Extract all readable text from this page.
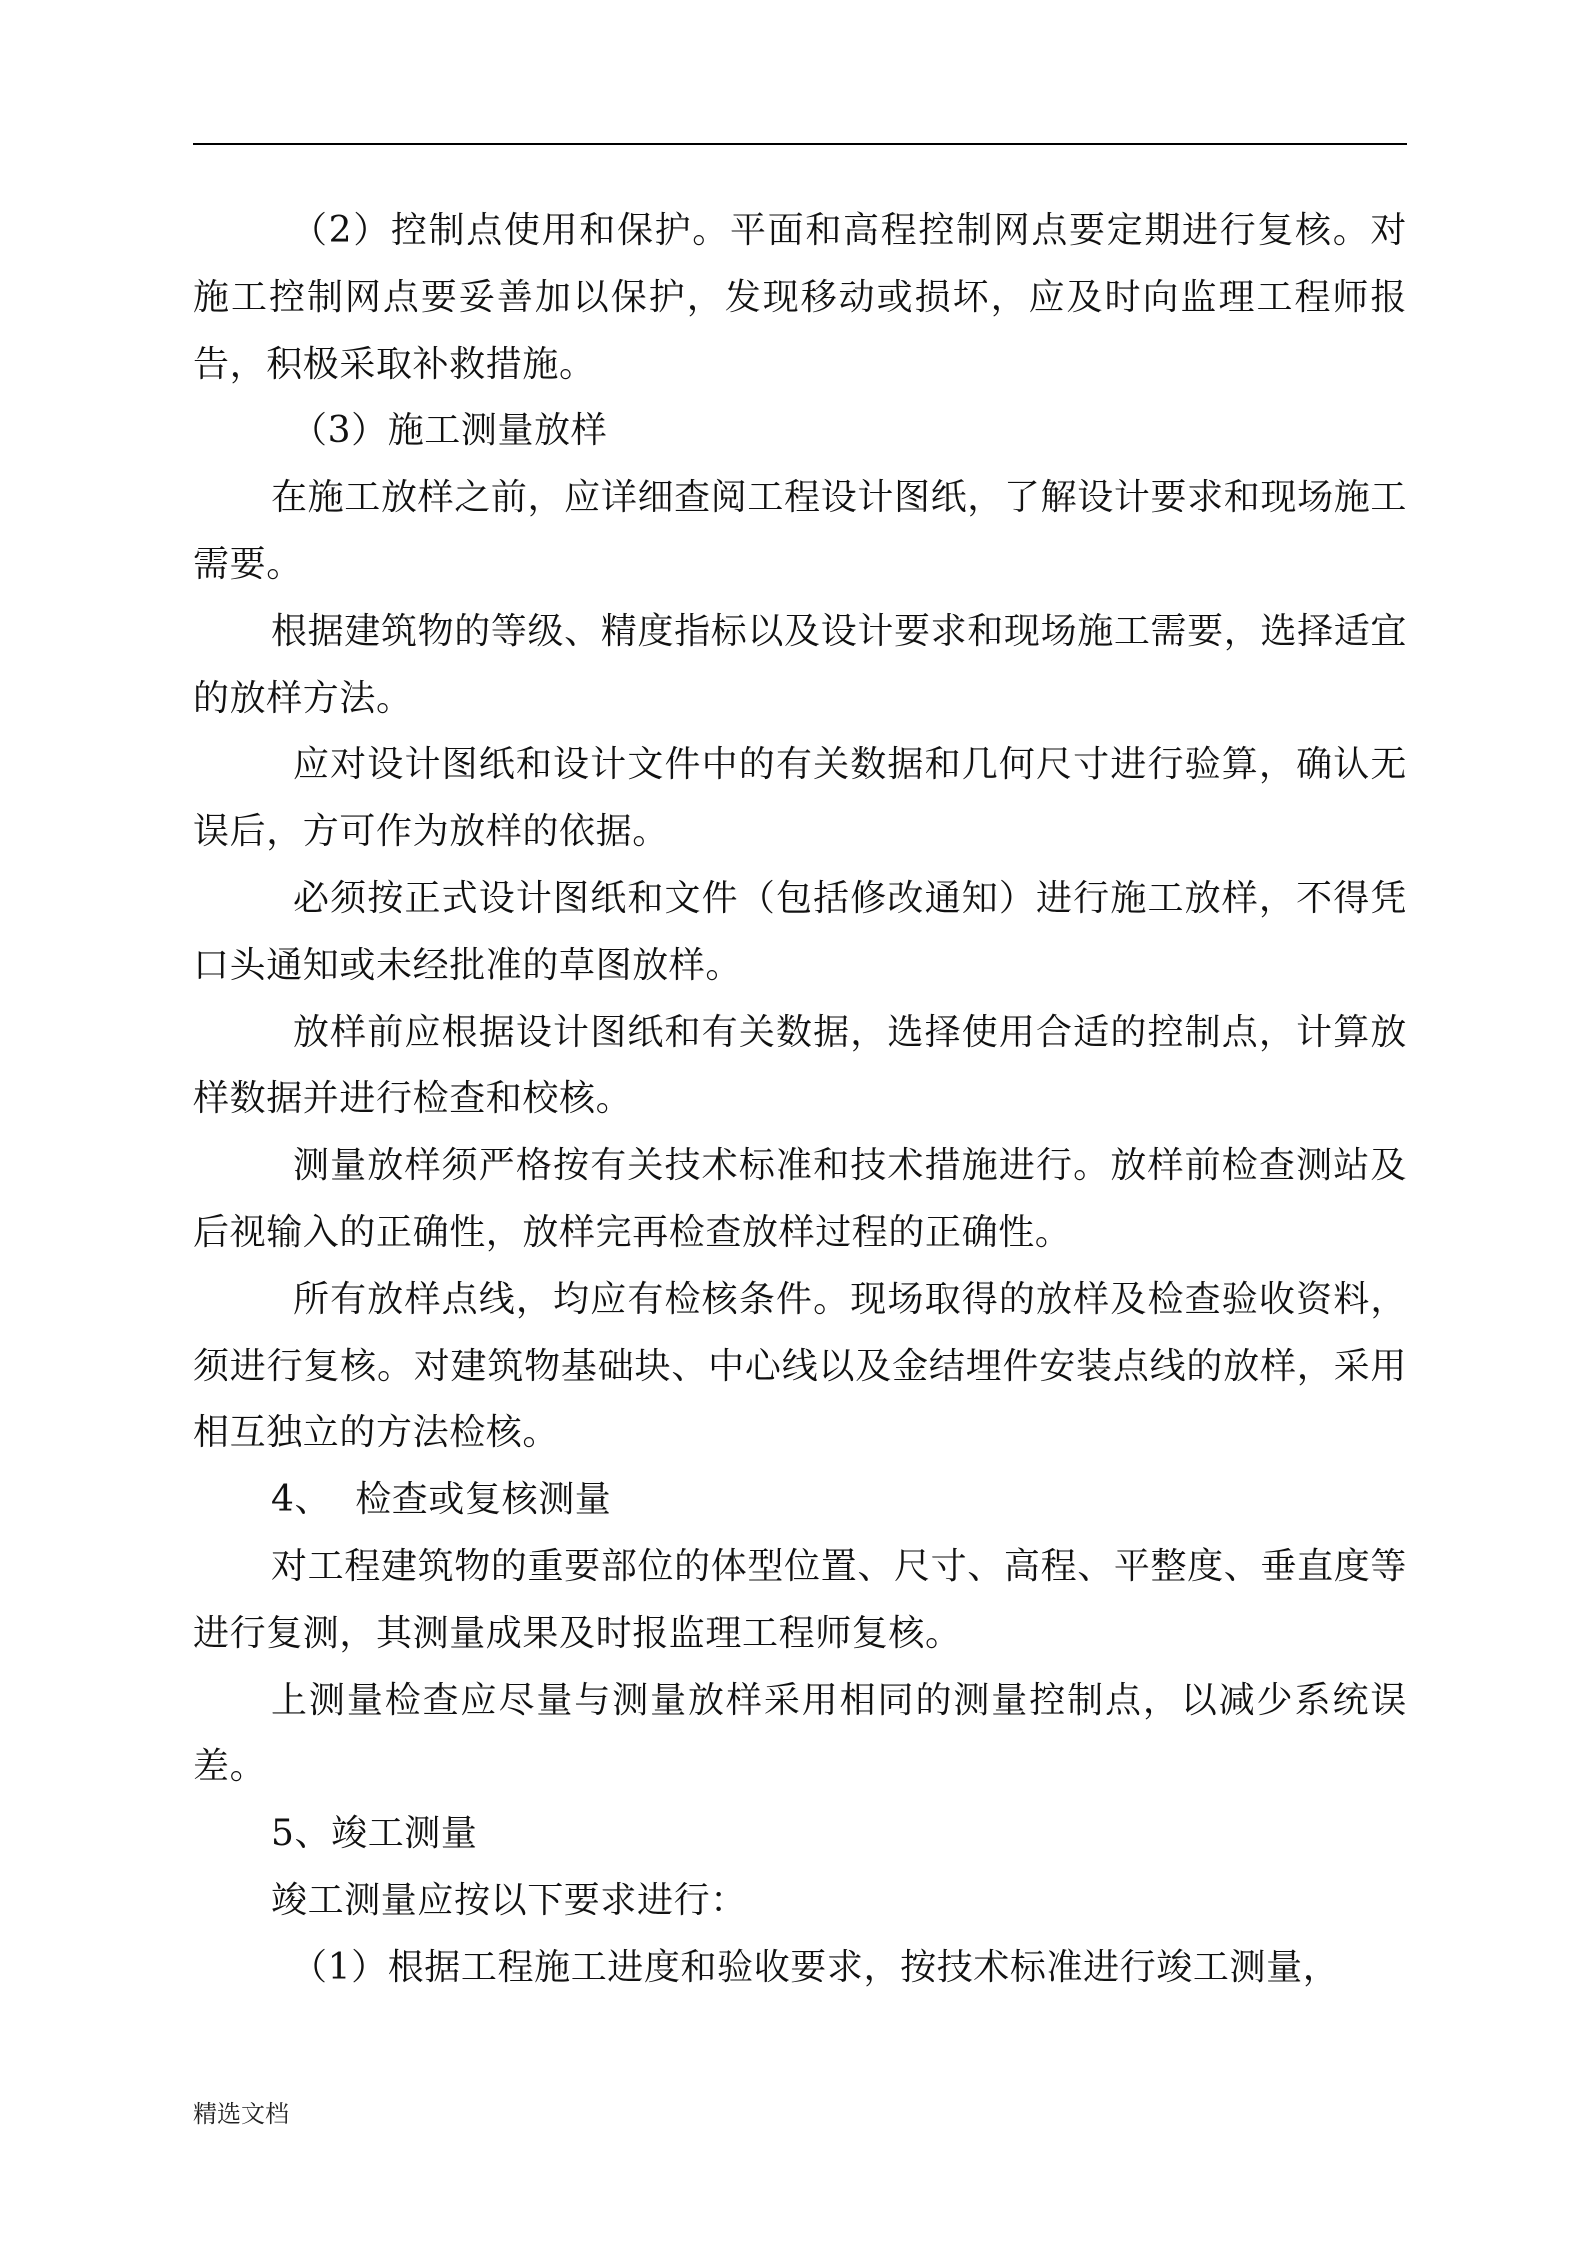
（2）控制点使用和保护。平面和高程控制网点要定期进行复核。对施工控制网点要妥善加以保护，发现移动或损坏，应及时向监理工程师报告，积极采取补救措施。

（3）施工测量放样

在施工放样之前，应详细查阅工程设计图纸，了解设计要求和现场施工需要。

根据建筑物的等级、精度指标以及设计要求和现场施工需要，选择适宜的放样方法。

应对设计图纸和设计文件中的有关数据和几何尺寸进行验算，确认无误后，方可作为放样的依据。

必须按正式设计图纸和文件（包括修改通知）进行施工放样，不得凭口头通知或未经批准的草图放样。

放样前应根据设计图纸和有关数据，选择使用合适的控制点，计算放样数据并进行检查和校核。

测量放样须严格按有关技术标准和技术措施进行。放样前检查测站及后视输入的正确性，放样完再检查放样过程的正确性。

所有放样点线，均应有检核条件。现场取得的放样及检查验收资料，须进行复核。对建筑物基础块、中心线以及金结埋件安装点线的放样，采用相互独立的方法检核。

4、  检查或复核测量

对工程建筑物的重要部位的体型位置、尺寸、高程、平整度、垂直度等进行复测，其测量成果及时报监理工程师复核。

上测量检查应尽量与测量放样采用相同的测量控制点，以减少系统误差。

5、竣工测量

竣工测量应按以下要求进行：

（1）根据工程施工进度和验收要求，按技术标准进行竣工测量，

精选文档
